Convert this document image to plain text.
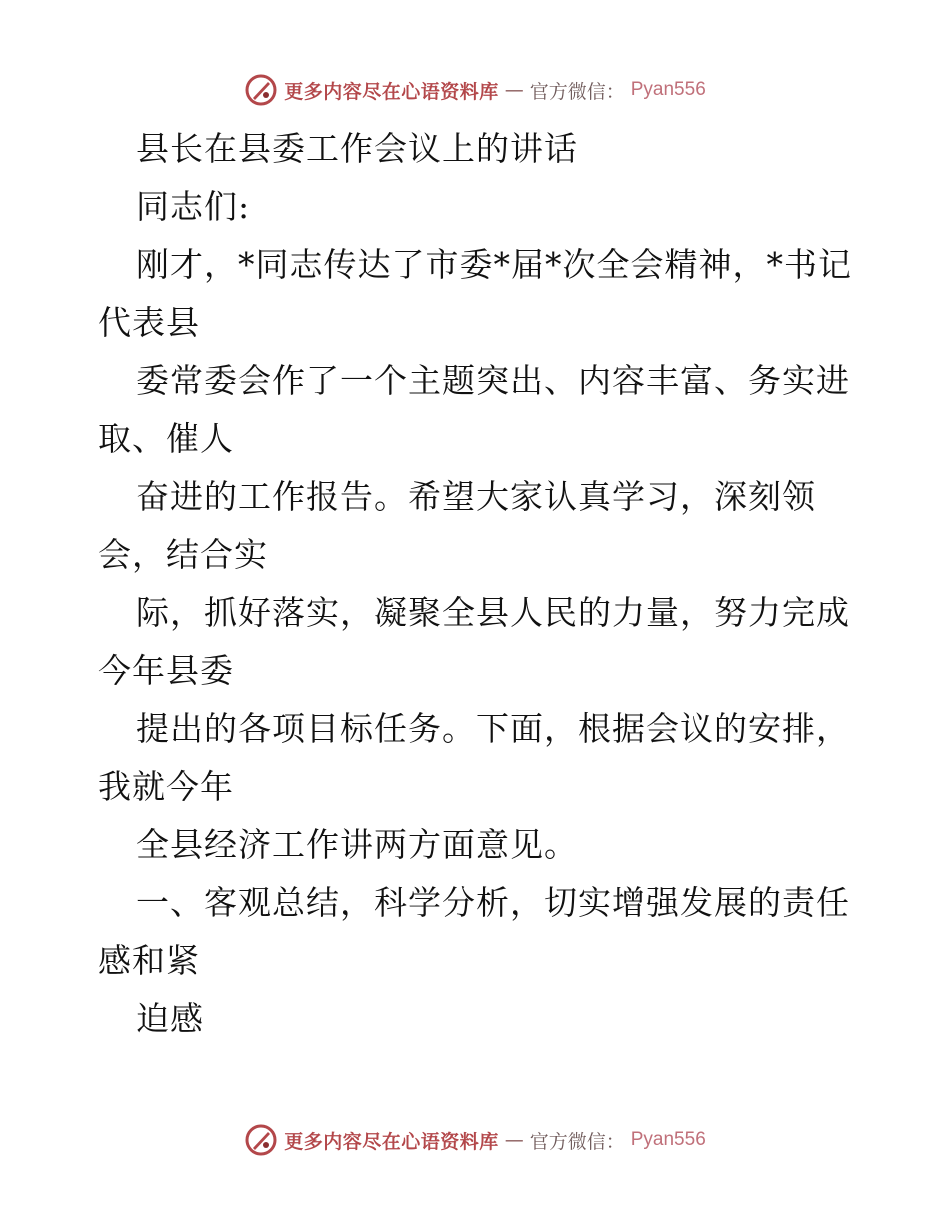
更多内容尽在心语资料库 — 官方微信： Pyan556
县长在县委工作会议上的讲话
同志们:
刚才，*同志传达了市委*届*次全会精神，*书记
代表县
委常委会作了一个主题突出、内容丰富、务实进
取、催人
奋进的工作报告。希望大家认真学习，深刻领
会，结合实
际，抓好落实，凝聚全县人民的力量，努力完成
今年县委
提出的各项目标任务。下面，根据会议的安排，
我就今年
全县经济工作讲两方面意见。
一、客观总结，科学分析，切实增强发展的责任
感和紧
迫感
更多内容尽在心语资料库 — 官方微信： Pyan556
